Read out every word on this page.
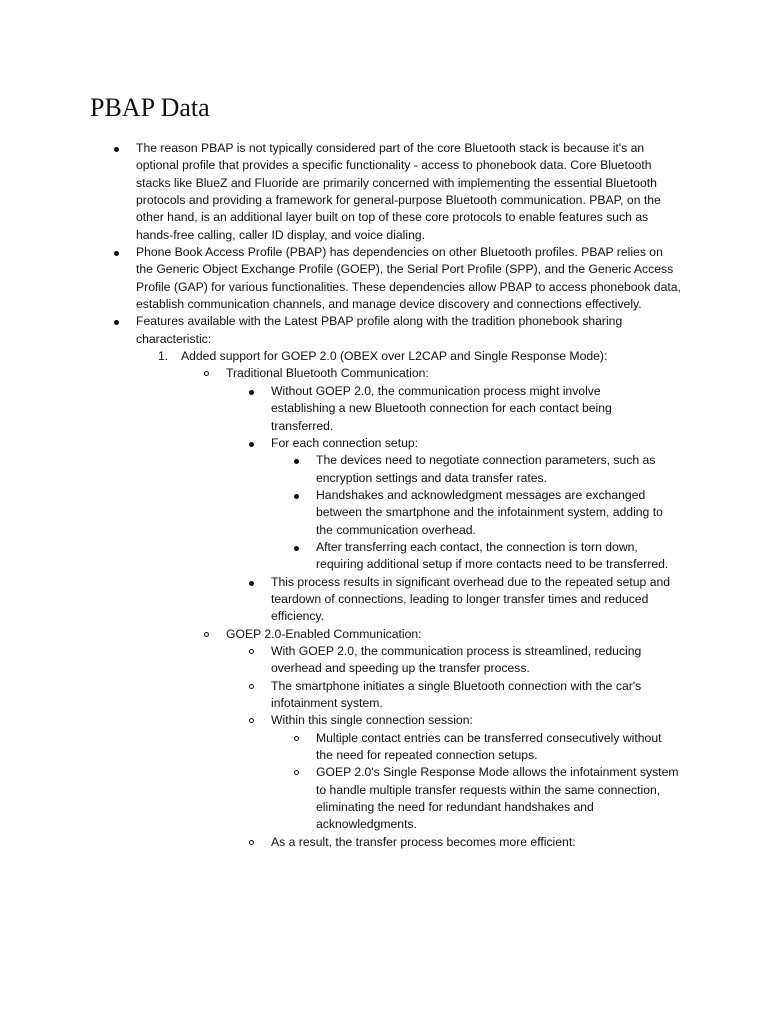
PBAP Data
The reason PBAP is not typically considered part of the core Bluetooth stack is because it's an optional profile that provides a specific functionality - access to phonebook data. Core Bluetooth stacks like BlueZ and Fluoride are primarily concerned with implementing the essential Bluetooth protocols and providing a framework for general-purpose Bluetooth communication. PBAP, on the other hand, is an additional layer built on top of these core protocols to enable features such as hands-free calling, caller ID display, and voice dialing.
Phone Book Access Profile (PBAP) has dependencies on other Bluetooth profiles. PBAP relies on the Generic Object Exchange Profile (GOEP), the Serial Port Profile (SPP), and the Generic Access Profile (GAP) for various functionalities. These dependencies allow PBAP to access phonebook data, establish communication channels, and manage device discovery and connections effectively.
Features available with the Latest PBAP profile along with the tradition phonebook sharing characteristic:
1. Added support for GOEP 2.0 (OBEX over L2CAP and Single Response Mode):
Traditional Bluetooth Communication:
Without GOEP 2.0, the communication process might involve establishing a new Bluetooth connection for each contact being transferred.
For each connection setup:
The devices need to negotiate connection parameters, such as encryption settings and data transfer rates.
Handshakes and acknowledgment messages are exchanged between the smartphone and the infotainment system, adding to the communication overhead.
After transferring each contact, the connection is torn down, requiring additional setup if more contacts need to be transferred.
This process results in significant overhead due to the repeated setup and teardown of connections, leading to longer transfer times and reduced efficiency.
GOEP 2.0-Enabled Communication:
With GOEP 2.0, the communication process is streamlined, reducing overhead and speeding up the transfer process.
The smartphone initiates a single Bluetooth connection with the car's infotainment system.
Within this single connection session:
Multiple contact entries can be transferred consecutively without the need for repeated connection setups.
GOEP 2.0's Single Response Mode allows the infotainment system to handle multiple transfer requests within the same connection, eliminating the need for redundant handshakes and acknowledgments.
As a result, the transfer process becomes more efficient:
